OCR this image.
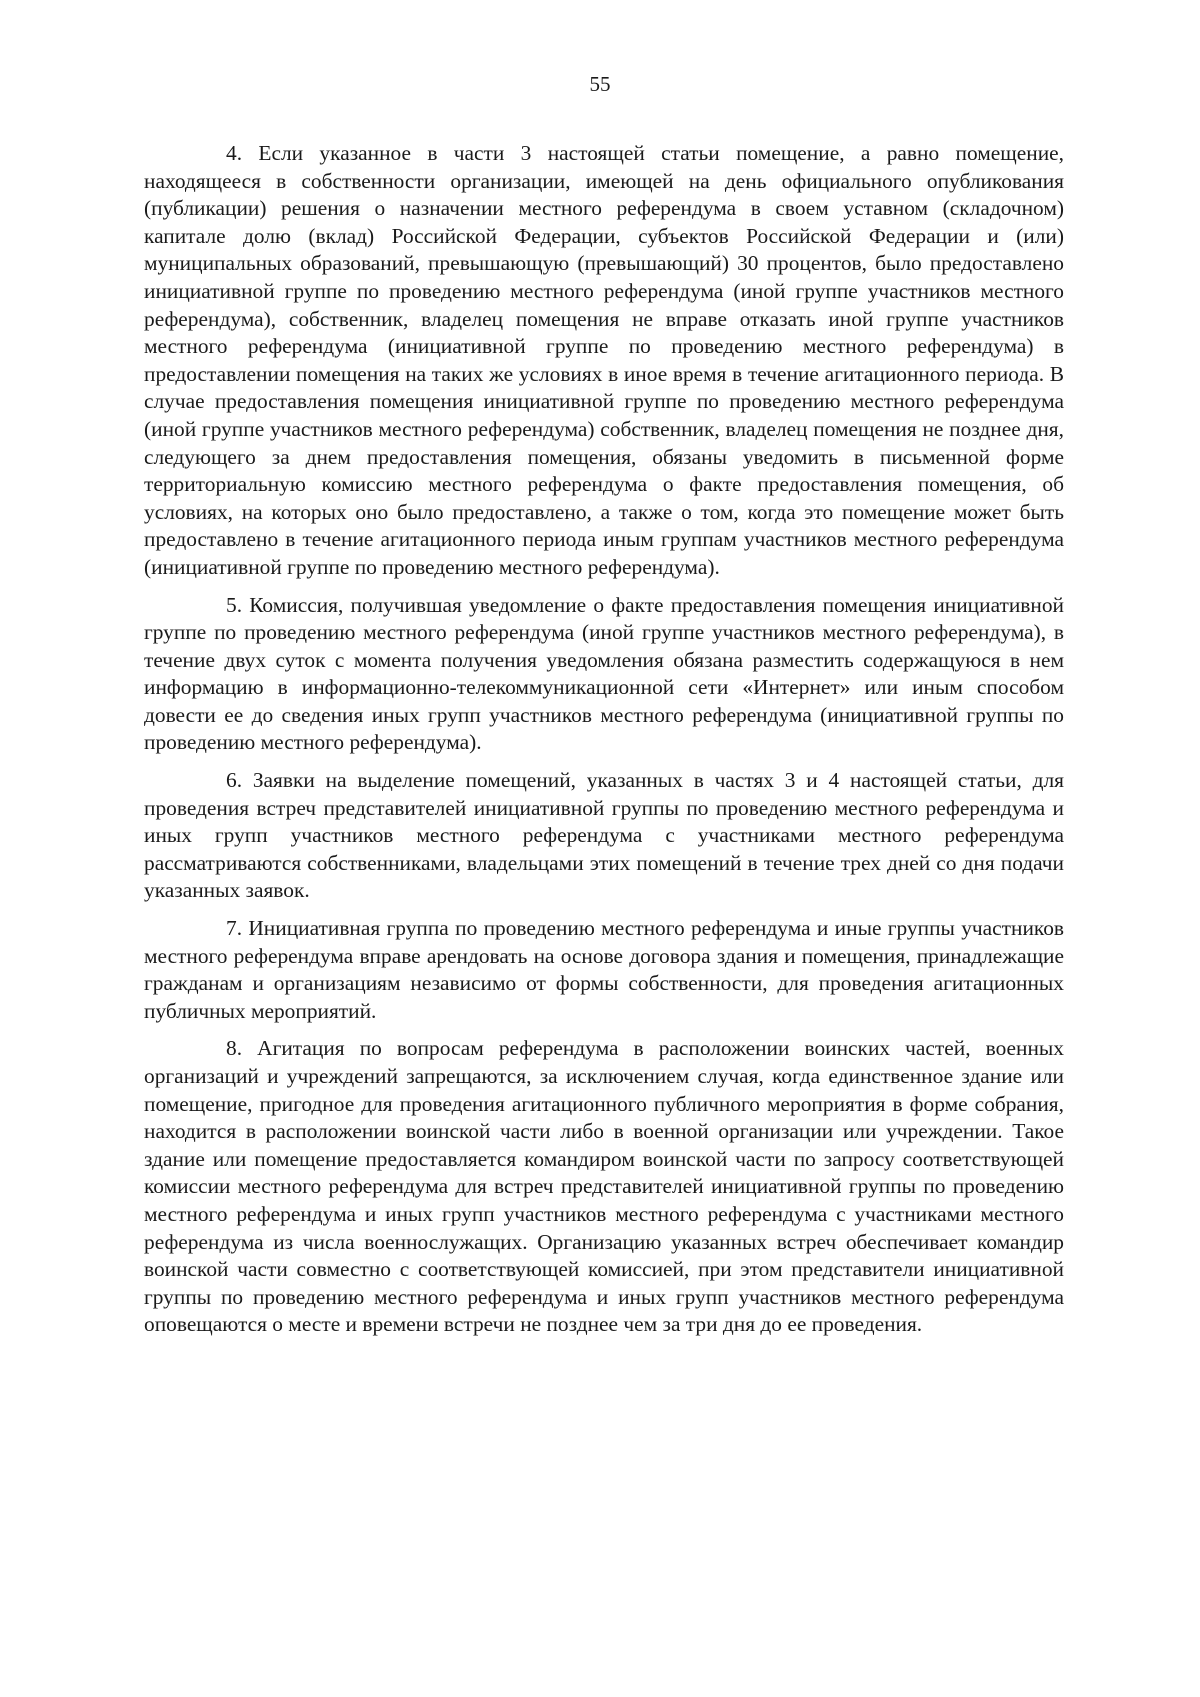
55

4. Если указанное в части 3 настоящей статьи помещение, а равно помещение, находящееся в собственности организации, имеющей на день официального опубликования (публикации) решения о назначении местного референдума в своем уставном (складочном) капитале долю (вклад) Российской Федерации, субъектов Российской Федерации и (или) муниципальных образований, превышающую (превышающий) 30 процентов, было предоставлено инициативной группе по проведению местного референдума (иной группе участников местного референдума), собственник, владелец помещения не вправе отказать иной группе участников местного референдума (инициативной группе по проведению местного референдума) в предоставлении помещения на таких же условиях в иное время в течение агитационного периода. В случае предоставления помещения инициативной группе по проведению местного референдума (иной группе участников местного референдума) собственник, владелец помещения не позднее дня, следующего за днем предоставления помещения, обязаны уведомить в письменной форме территориальную комиссию местного референдума о факте предоставления помещения, об условиях, на которых оно было предоставлено, а также о том, когда это помещение может быть предоставлено в течение агитационного периода иным группам участников местного референдума (инициативной группе по проведению местного референдума).

5. Комиссия, получившая уведомление о факте предоставления помещения инициативной группе по проведению местного референдума (иной группе участников местного референдума), в течение двух суток с момента получения уведомления обязана разместить содержащуюся в нем информацию в информационно-телекоммуникационной сети «Интернет» или иным способом довести ее до сведения иных групп участников местного референдума (инициативной группы по проведению местного референдума).

6. Заявки на выделение помещений, указанных в частях 3 и 4 настоящей статьи, для проведения встреч представителей инициативной группы по проведению местного референдума и иных групп участников местного референдума с участниками местного референдума рассматриваются собственниками, владельцами этих помещений в течение трех дней со дня подачи указанных заявок.

7. Инициативная группа по проведению местного референдума и иные группы участников местного референдума вправе арендовать на основе договора здания и помещения, принадлежащие гражданам и организациям независимо от формы собственности, для проведения агитационных публичных мероприятий.

8. Агитация по вопросам референдума в расположении воинских частей, военных организаций и учреждений запрещаются, за исключением случая, когда единственное здание или помещение, пригодное для проведения агитационного публичного мероприятия в форме собрания, находится в расположении воинской части либо в военной организации или учреждении. Такое здание или помещение предоставляется командиром воинской части по запросу соответствующей комиссии местного референдума для встреч представителей инициативной группы по проведению местного референдума и иных групп участников местного референдума с участниками местного референдума из числа военнослужащих. Организацию указанных встреч обеспечивает командир воинской части совместно с соответствующей комиссией, при этом представители инициативной группы по проведению местного референдума и иных групп участников местного референдума оповещаются о месте и времени встречи не позднее чем за три дня до ее проведения.
